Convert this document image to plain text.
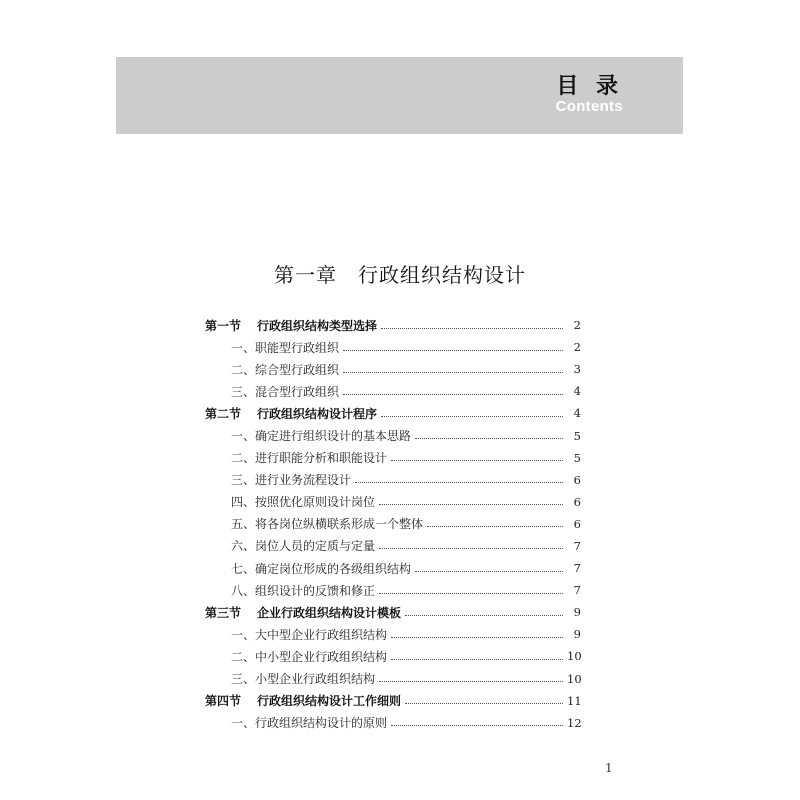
目 录
Contents
第一章　行政组织结构设计
第一节	行政组织结构类型选择	2
一、职能型行政组织	2
二、综合型行政组织	3
三、混合型行政组织	4
第二节	行政组织结构设计程序	4
一、确定进行组织设计的基本思路	5
二、进行职能分析和职能设计	5
三、进行业务流程设计	6
四、按照优化原则设计岗位	6
五、将各岗位纵横联系形成一个整体	6
六、岗位人员的定质与定量	7
七、确定岗位形成的各级组织结构	7
八、组织设计的反馈和修正	7
第三节	企业行政组织结构设计模板	9
一、大中型企业行政组织结构	9
二、中小型企业行政组织结构	10
三、小型企业行政组织结构	10
第四节	行政组织结构设计工作细则	11
一、行政组织结构设计的原则	12
1
